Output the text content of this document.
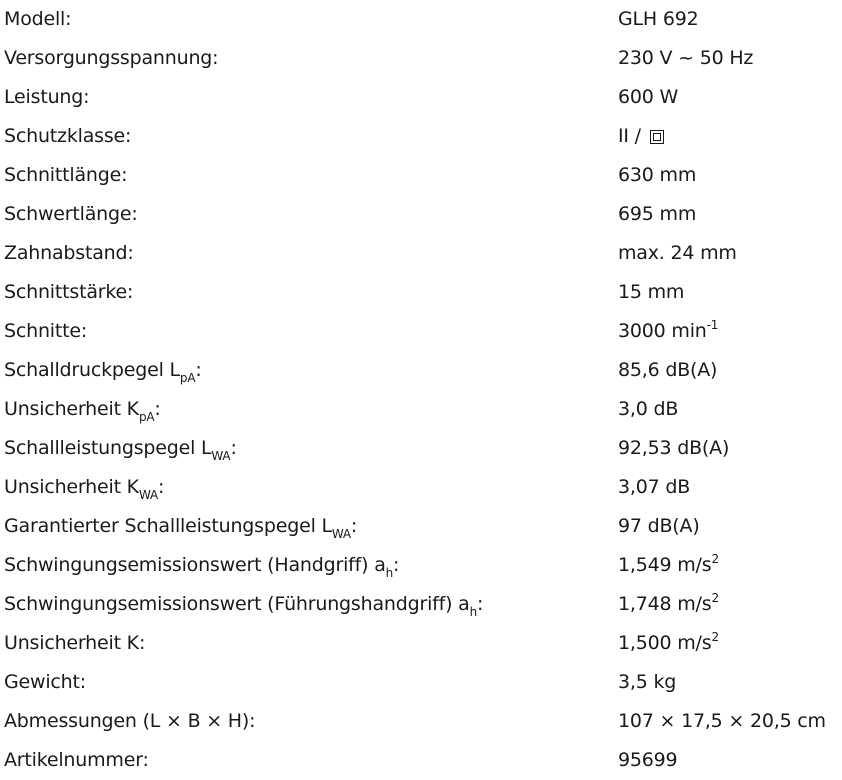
Modell:	GLH 692
Versorgungsspannung:	230 V ~ 50 Hz
Leistung:	600 W
Schutzklasse:	II /
Schnittlänge:	630 mm
Schwertlänge:	695 mm
Zahnabstand:	max. 24 mm
Schnittstärke:	15 mm
Schnitte:	3000 $\min^{-1}$
Schalldruckpegel $L_{pA}$:	85,6 dB(A)
Unsicherheit $K_{pA}$:	3,0 dB
Schallleistungspegel $L_{WA}$:	92,53 dB(A)
Unsicherheit $K_{WA}$:	3,07 dB
Garantierter Schallleistungspegel $L_{WA}$:	97 dB(A)
Schwingungsemissionswert (Handgriff) $a_h$:	1,549 $m/s^2$
Schwingungsemissionswert (Führungshandgriff) $a_h$:	1,748 $m/s^2$
Unsicherheit K:	1,500 $m/s^2$
Gewicht:	3,5 kg
Abmessungen (L × B × H):	107 × 17,5 × 20,5 cm
Artikelnummer:	95699
